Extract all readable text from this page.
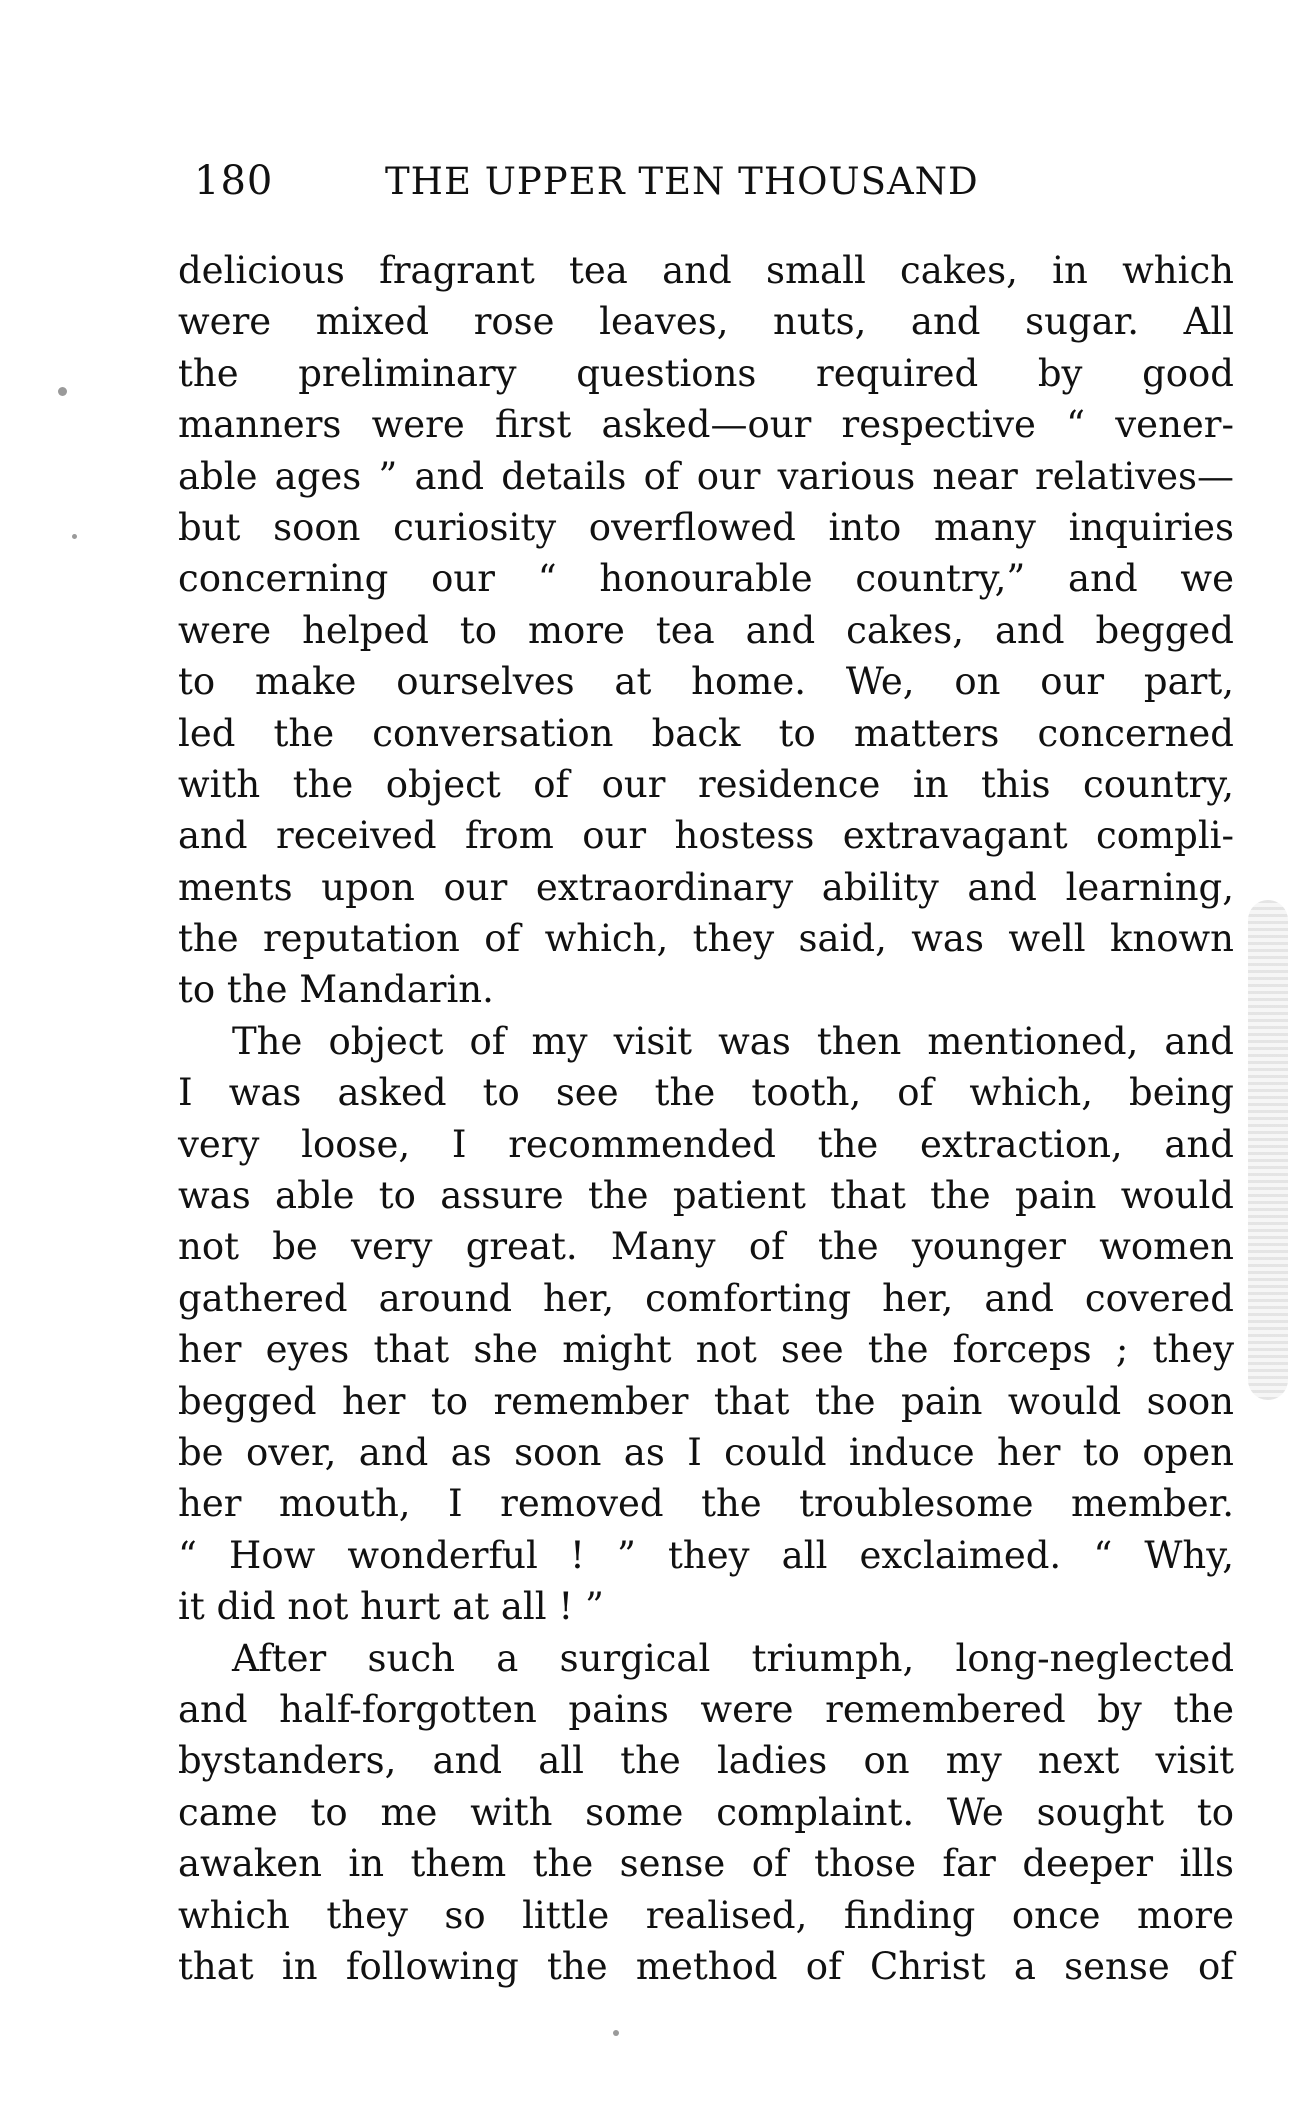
180	THE UPPER TEN THOUSAND
delicious fragrant tea and small cakes, in which
were mixed rose leaves, nuts, and sugar. All
the preliminary questions required by good
manners were first asked—our respective “ vener-
able ages ” and details of our various near relatives—
but soon curiosity overflowed into many inquiries
concerning our “ honourable country,” and we
were helped to more tea and cakes, and begged
to make ourselves at home. We, on our part,
led the conversation back to matters concerned
with the object of our residence in this country,
and received from our hostess extravagant compli-
ments upon our extraordinary ability and learning,
the reputation of which, they said, was well known
to the Mandarin.
The object of my visit was then mentioned, and
I was asked to see the tooth, of which, being
very loose, I recommended the extraction, and
was able to assure the patient that the pain would
not be very great. Many of the younger women
gathered around her, comforting her, and covered
her eyes that she might not see the forceps ; they
begged her to remember that the pain would soon
be over, and as soon as I could induce her to open
her mouth, I removed the troublesome member.
“ How wonderful ! ” they all exclaimed. “ Why,
it did not hurt at all ! ”
After such a surgical triumph, long-neglected
and half-forgotten pains were remembered by the
bystanders, and all the ladies on my next visit
came to me with some complaint. We sought to
awaken in them the sense of those far deeper ills
which they so little realised, finding once more
that in following the method of Christ a sense of
